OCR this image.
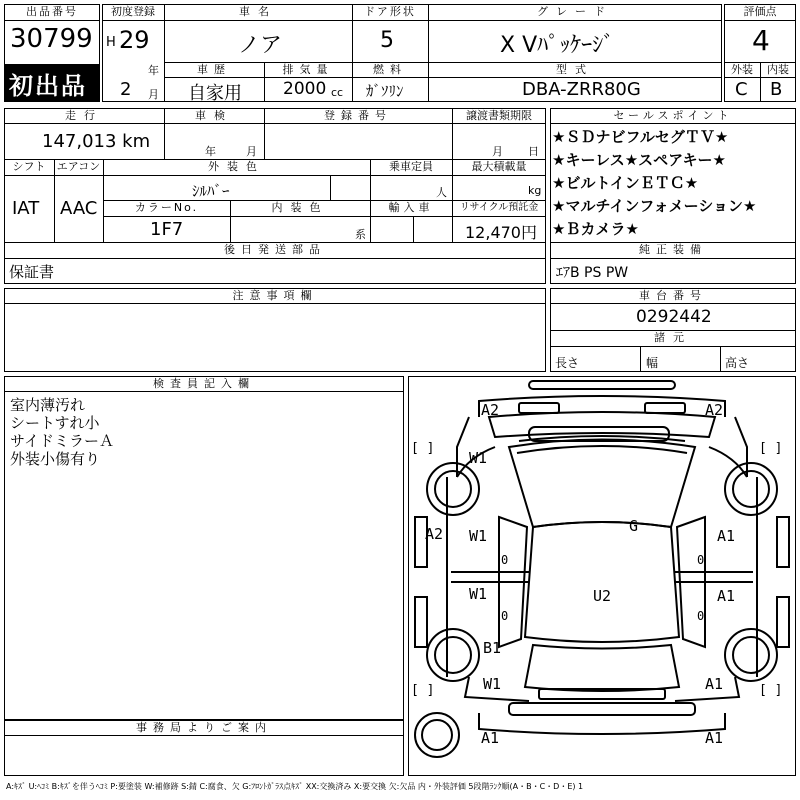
出品番号
30799
初出品
初度登録
H 29
年
2 月
車名
ノア
ドア形状
5
グレード
X Vﾊﾟｯｹｰｼﾞ
車歴
自家用
排気量
2000 cc
燃料
ｶﾞｿﾘﾝ
型式
DBA-ZRR80G
評価点
4
外装	内装
C B
走行
147,013 km
車検
年	月
登録番号	譲渡書類期限
月 日
シフト	エアコン
IAT AAC
外装色
ｼﾙﾊﾞｰ
乗車定員
人
最大積載量
kg
カラーNo.
1F7
内装色
系
輸入車	リサイクル預託金
12,470円
後日発送部品
保証書
セールスポイント
★ＳＤナビフルセグＴＶ★
★キーレス★スペアキー★
★ビルトインＥＴＣ★
★マルチインフォメーション★
★Ｂカメラ★
純正装備
ｴｱB PS PW
注意事項欄	車台番号
0292442
諸元
長さ	幅	高さ
検査員記入欄
室内薄汚れ
シートすれ小
サイドミラーＡ
外装小傷有り
事務局よりご案内
A2	A2
[ ]	[ ]
W1
A2	G
W1
0
A1
0
W1
0
U2	A1
0
B1
[ ]	[ ]
W1	A1
A1	A1
A:ｷｽﾞ U:ﾍｺﾐ B:ｷｽﾞを伴うﾍｺﾐ P:要塗装 W:補修跡 S:錆 C:腐食、欠 G:ﾌﾛﾝﾄｶﾞﾗｽ点ｷｽﾞ XX:交換済み X:要交換 欠:欠品 内・外装評価 5段階ﾗﾝｸ順(A・B・C・D・E) 1
